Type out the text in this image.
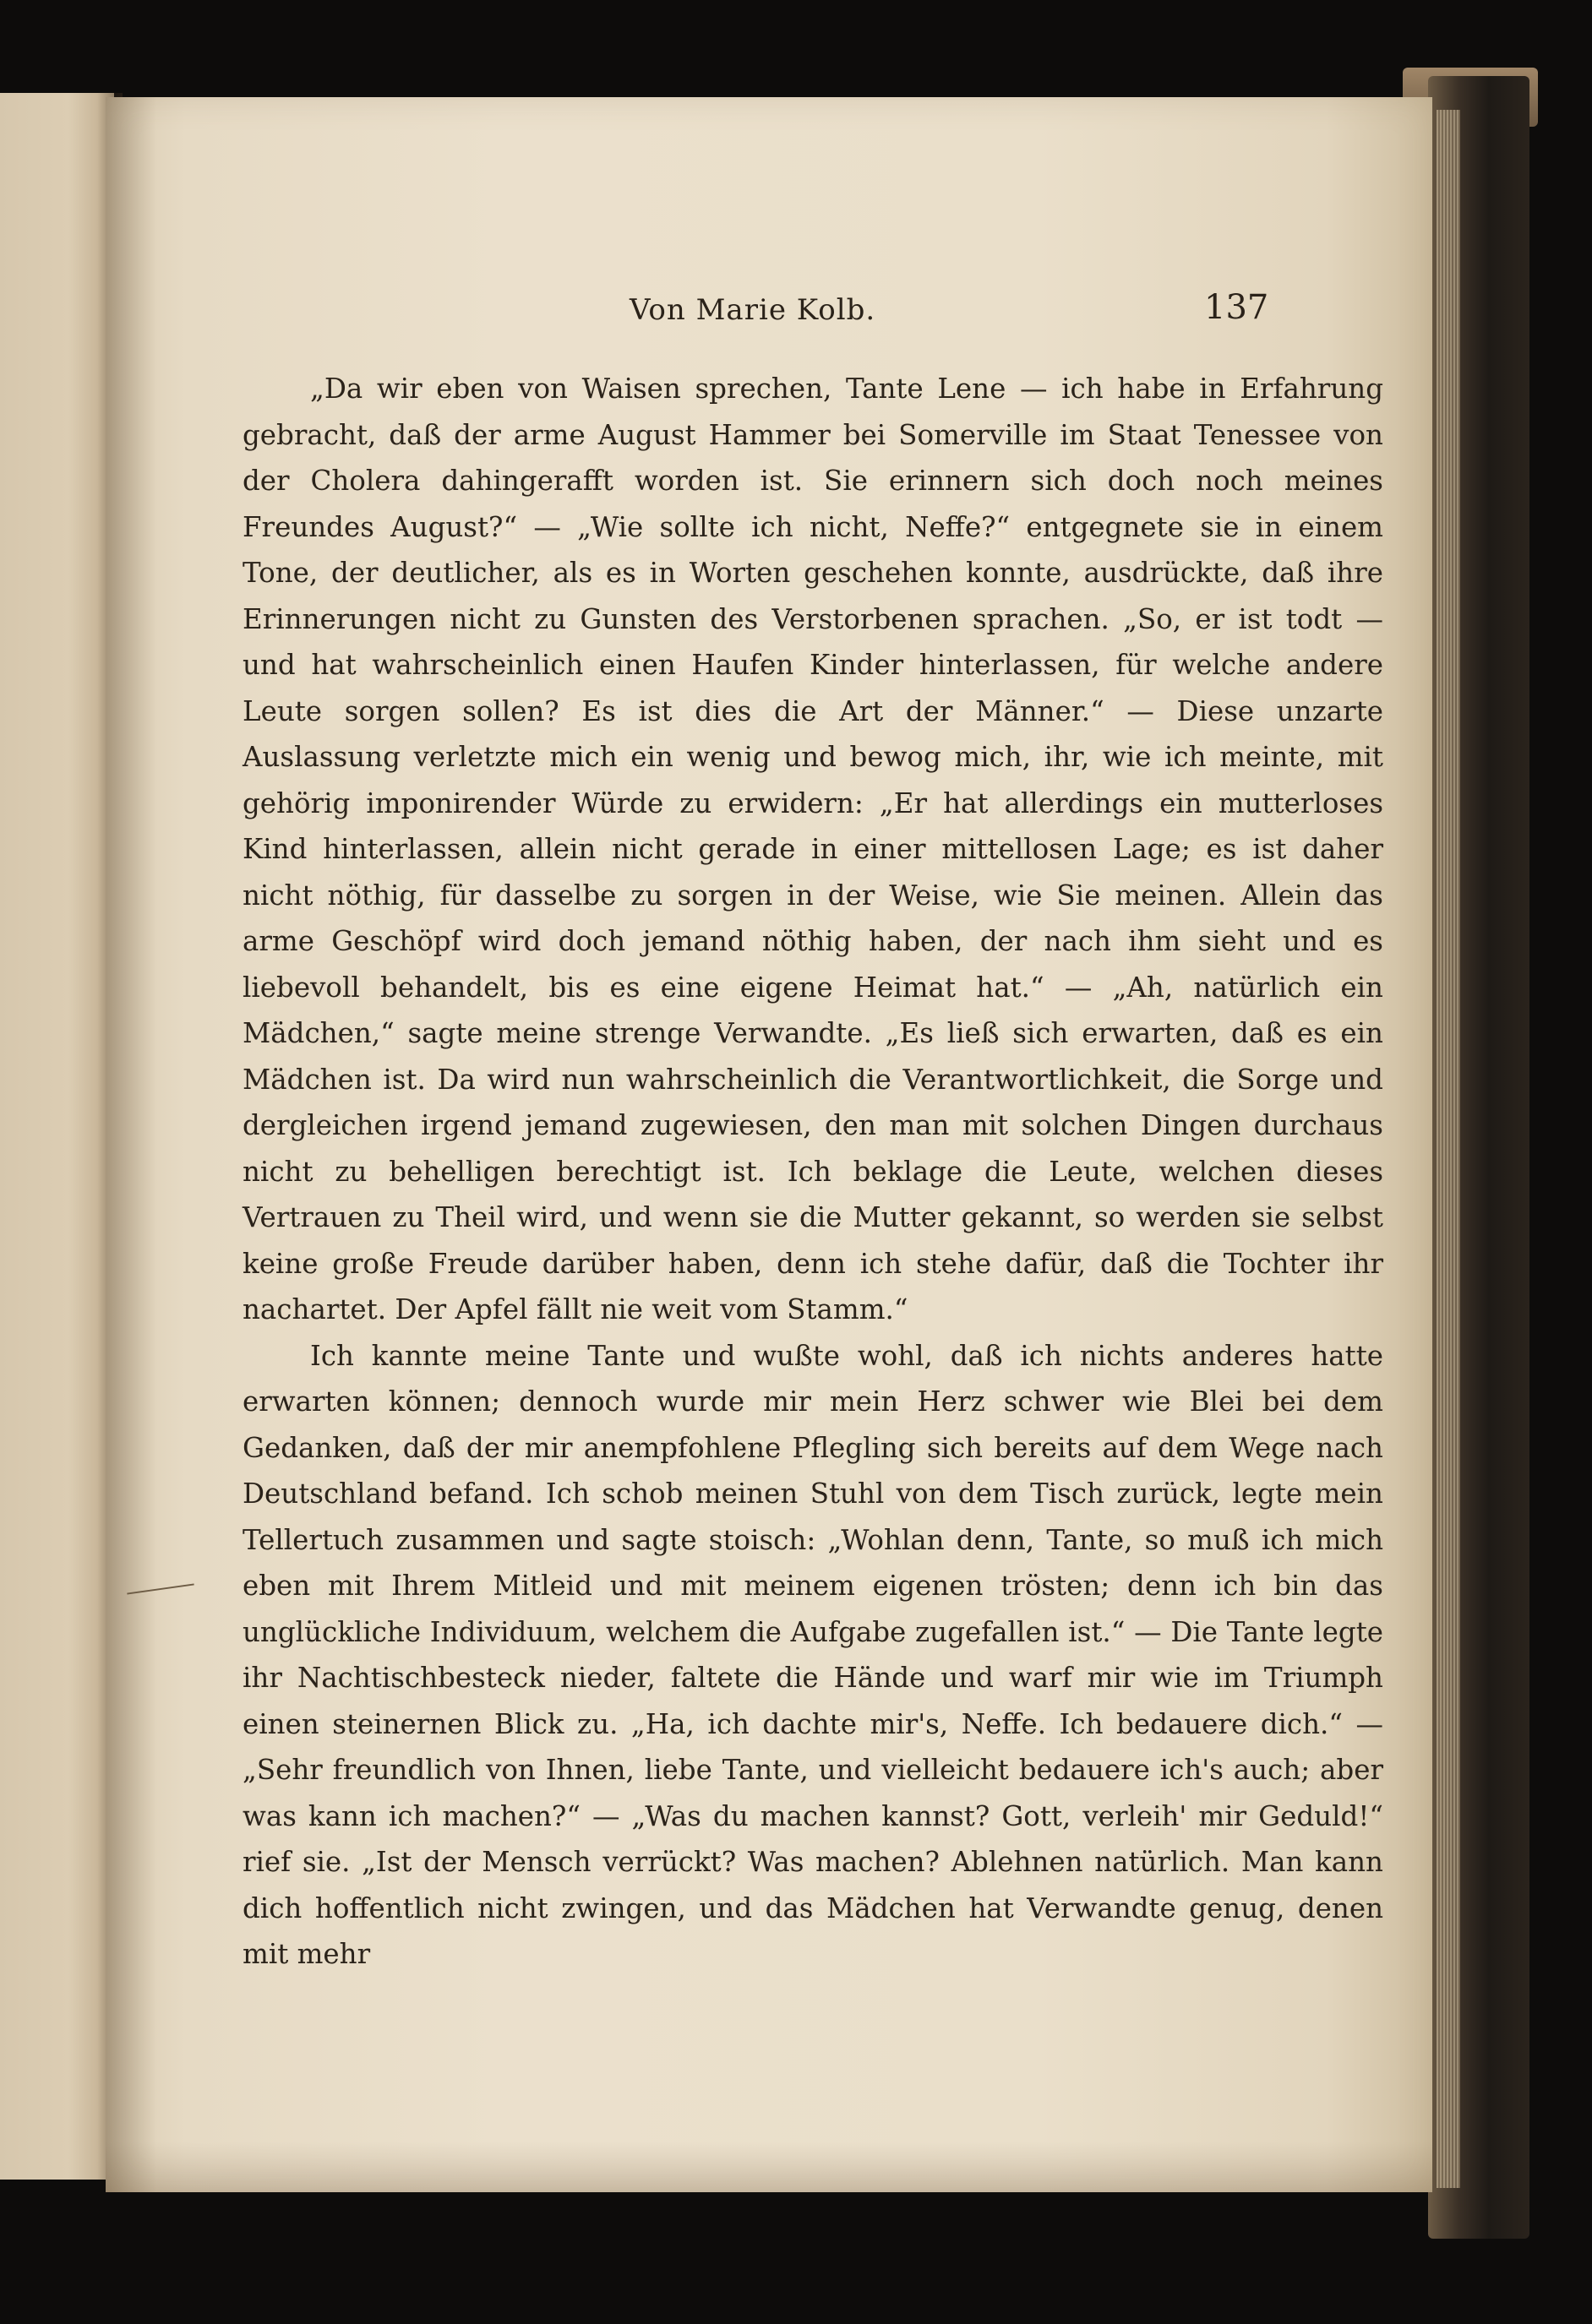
Von Marie Kolb.	137

„Da wir eben von Waisen sprechen, Tante Lene — ich habe in Erfahrung gebracht, daß der arme August Hammer bei Somerville im Staat Tenessee von der Cholera dahingerafft worden ist. Sie erinnern sich doch noch meines Freundes August?“ — „Wie sollte ich nicht, Neffe?“ entgegnete sie in einem Tone, der deutlicher, als es in Worten geschehen konnte, ausdrückte, daß ihre Erinnerungen nicht zu Gunsten des Verstorbenen sprachen. „So, er ist todt — und hat wahrscheinlich einen Haufen Kinder hinterlassen, für welche andere Leute sorgen sollen? Es ist dies die Art der Männer.“ — Diese unzarte Auslassung verletzte mich ein wenig und bewog mich, ihr, wie ich meinte, mit gehörig imponirender Würde zu erwidern: „Er hat allerdings ein mutterloses Kind hinterlassen, allein nicht gerade in einer mittellosen Lage; es ist daher nicht nöthig, für dasselbe zu sorgen in der Weise, wie Sie meinen. Allein das arme Geschöpf wird doch jemand nöthig haben, der nach ihm sieht und es liebevoll behandelt, bis es eine eigene Heimat hat.“ — „Ah, natürlich ein Mädchen,“ sagte meine strenge Verwandte. „Es ließ sich erwarten, daß es ein Mädchen ist. Da wird nun wahrscheinlich die Verantwortlichkeit, die Sorge und dergleichen irgend jemand zugewiesen, den man mit solchen Dingen durchaus nicht zu behelligen berechtigt ist. Ich beklage die Leute, welchen dieses Vertrauen zu Theil wird, und wenn sie die Mutter gekannt, so werden sie selbst keine große Freude darüber haben, denn ich stehe dafür, daß die Tochter ihr nachartet. Der Apfel fällt nie weit vom Stamm.“

Ich kannte meine Tante und wußte wohl, daß ich nichts anderes hatte erwarten können; dennoch wurde mir mein Herz schwer wie Blei bei dem Gedanken, daß der mir anempfohlene Pflegling sich bereits auf dem Wege nach Deutschland befand. Ich schob meinen Stuhl von dem Tisch zurück, legte mein Tellertuch zusammen und sagte stoisch: „Wohlan denn, Tante, so muß ich mich eben mit Ihrem Mitleid und mit meinem eigenen trösten; denn ich bin das unglückliche Individuum, welchem die Aufgabe zugefallen ist.“ — Die Tante legte ihr Nachtischbesteck nieder, faltete die Hände und warf mir wie im Triumph einen steinernen Blick zu. „Ha, ich dachte mir's, Neffe. Ich bedauere dich.“ — „Sehr freundlich von Ihnen, liebe Tante, und vielleicht bedauere ich's auch; aber was kann ich machen?“ — „Was du machen kannst? Gott, verleih' mir Geduld!“ rief sie. „Ist der Mensch verrückt? Was machen? Ablehnen natürlich. Man kann dich hoffentlich nicht zwingen, und das Mädchen hat Verwandte genug, denen mit mehr
